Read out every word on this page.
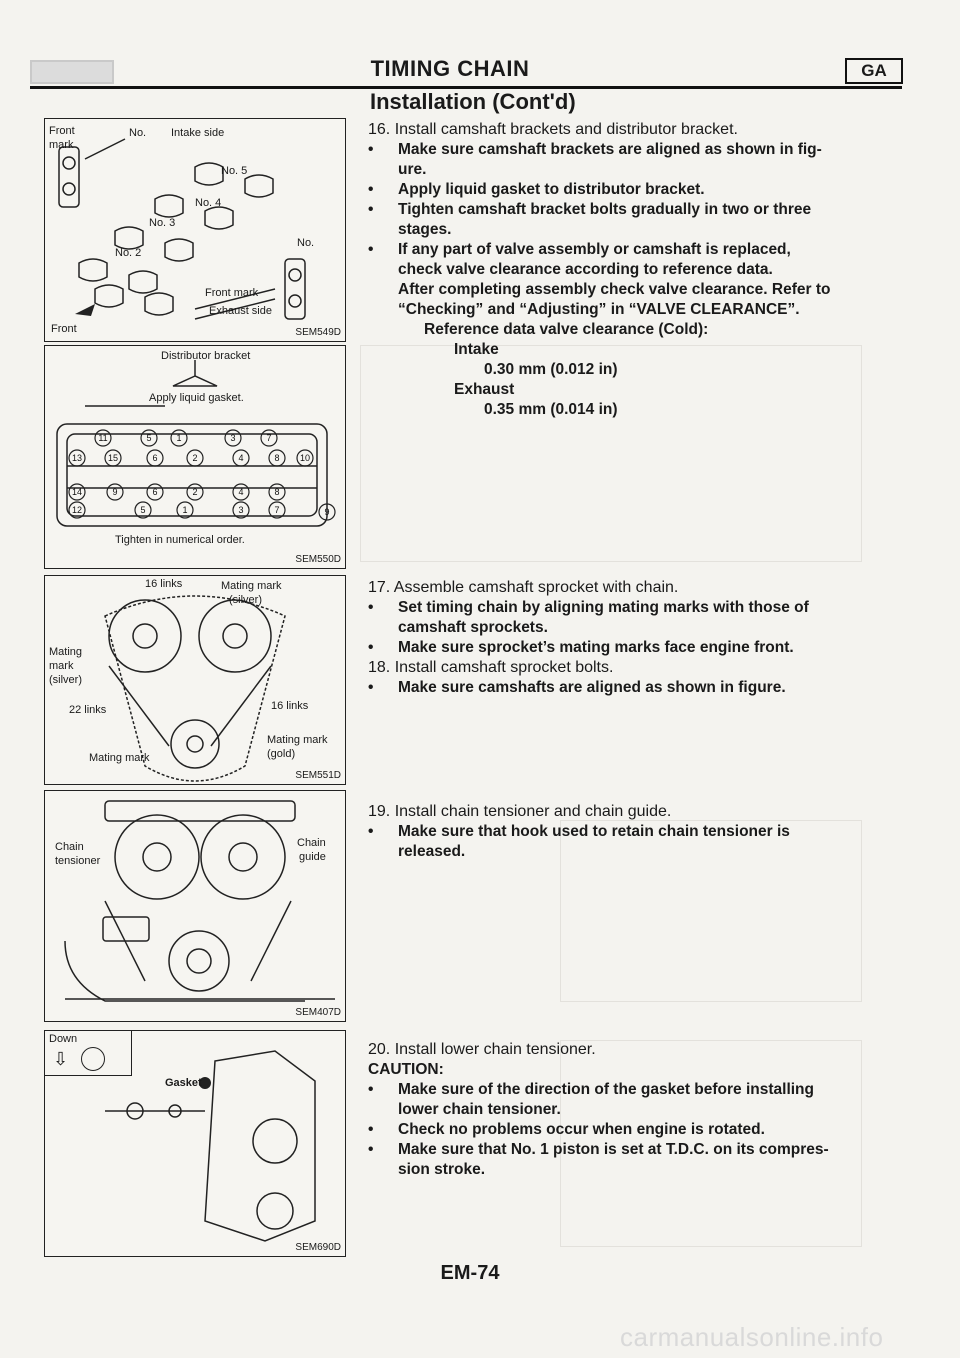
TIMING CHAIN	GA
Installation (Cont'd)
Front
mark
No. Intake side
No. 5
No. 4
No. 3
No. 2
No.
Front mark
Exhaust side
Front	SEM549D
11	5	1	3	7
13	15	6	2	4	8 10
14	9	6	2	4	8
12	5	1	3	7	9
Distributor bracket
Apply liquid gasket.
Tighten in numerical order.
SEM550D
16 links	Mating mark
(silver)
Mating
mark
(silver)
22 links	16 links
Mating mark
(gold)
Mating mark
SEM551D
Chain
guide
Chain
tensioner
SEM407D
Down
⇩
Gasket
SEM690D

16. Install camshaft brackets and distributor bracket.

•	Make sure camshaft brackets are aligned as shown in fig-

ure.

•	Apply liquid gasket to distributor bracket.

•	Tighten camshaft bracket bolts gradually in two or three

stages.

•	If any part of valve assembly or camshaft is replaced,

check valve clearance according to reference data.

After completing assembly check valve clearance. Refer to

“Checking” and “Adjusting” in “VALVE CLEARANCE”.

Reference data valve clearance (Cold):

Intake

0.30 mm (0.012 in)

Exhaust

0.35 mm (0.014 in)

17. Assemble camshaft sprocket with chain.

•	Set timing chain by aligning mating marks with those of

camshaft sprockets.

•	Make sure sprocket’s mating marks face engine front.

18. Install camshaft sprocket bolts.

•	Make sure camshafts are aligned as shown in figure.

19. Install chain tensioner and chain guide.

•	Make sure that hook used to retain chain tensioner is

released.

20. Install lower chain tensioner.

CAUTION:

•	Make sure of the direction of the gasket before installing

lower chain tensioner.

•	Check no problems occur when engine is rotated.

•	Make sure that No. 1 piston is set at T.D.C. on its compres-

sion stroke.

EM-74
carmanualsonline.info
